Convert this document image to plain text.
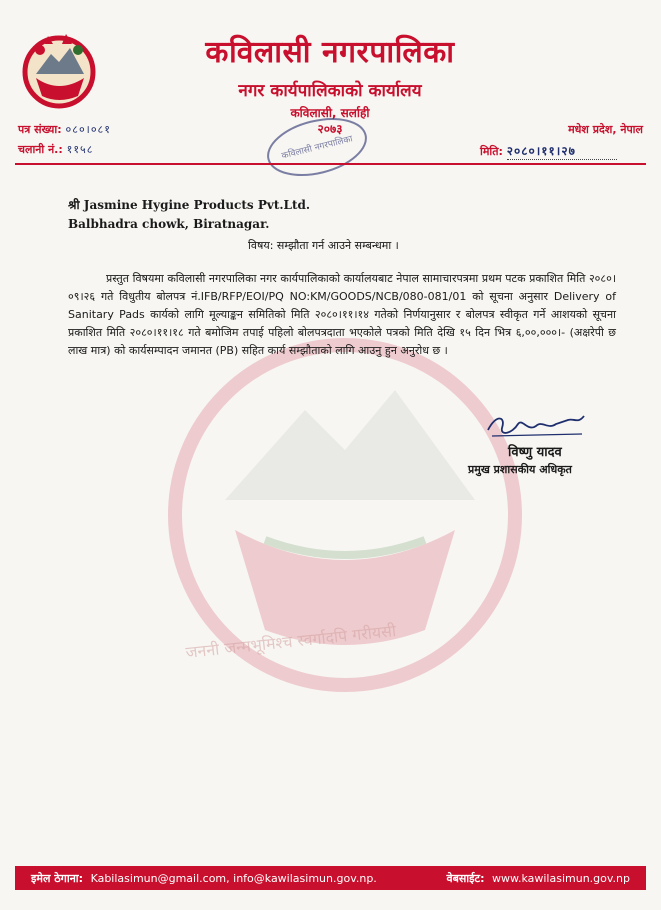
जननी जन्मभूमिश्च स्वर्गादपि गरीयसी
कविलासी नगरपालिका
नगर कार्यपालिकाको कार्यालय
कविलासी, सर्लाही
२०७३
कविलासी नगरपालिका
पत्र संख्या: ०८०।०८१
चलानी नं.: ११५८
मधेश प्रदेश, नेपाल
मिति: २०८०।११।२७
श्री Jasmine Hygine Products Pvt.Ltd.
Balbhadra chowk, Biratnagar.
विषय: सम्झौता गर्न आउने सम्बन्धमा ।
प्रस्तुत विषयमा कविलासी नगरपालिका नगर कार्यपालिकाको कार्यालयबाट नेपाल सामाचारपत्रमा प्रथम पटक प्रकाशित मिति २०८०।०९।२६ गते विधुतीय बोलपत्र नं.IFB/RFP/EOI/PQ NO:KM/GOODS/NCB/080-081/01 को सूचना अनुसार Delivery of Sanitary Pads कार्यको लागि मूल्याङ्कन समितिको मिति २०८०।११।१४ गतेको निर्णयानुसार र बोलपत्र स्वीकृत गर्ने आशयको सूचना प्रकाशित मिति २०८०।११।१८ गते बमोजिम तपाई पहिलो बोलपत्रदाता भएकोले पत्रको मिति देखि १५ दिन भित्र ६,००,०००।- (अक्षरेपी छ लाख मात्र) को कार्यसम्पादन जमानत (PB) सहित कार्य सम्झौताको लागि आउनु हुन अनुरोध छ ।
विष्णु यादव
प्रमुख प्रशासकीय अधिकृत
इमेल ठेगाना: Kabilasimun@gmail.com, info@kawilasimun.gov.np.	वेबसाईट: www.kawilasimun.gov.np
